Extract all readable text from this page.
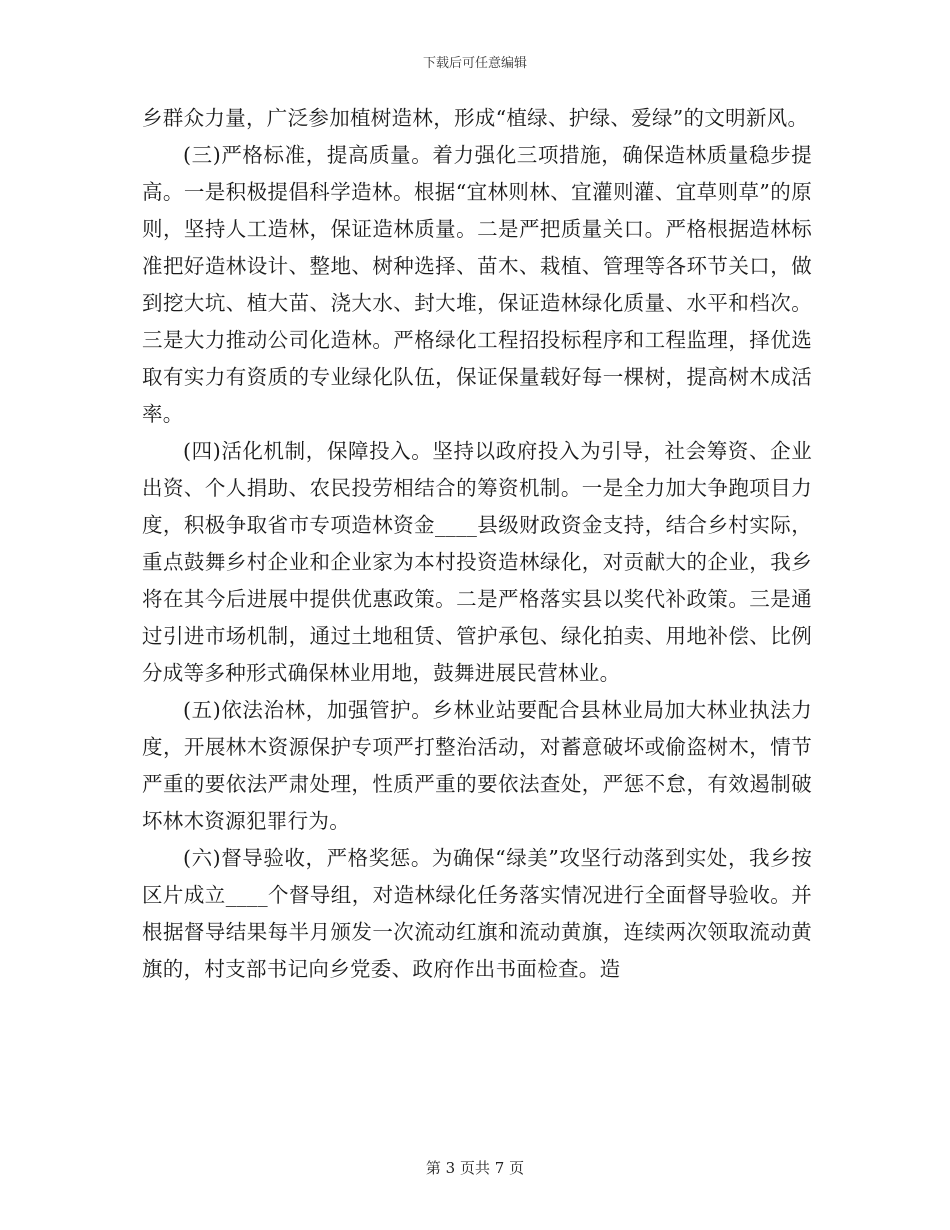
下载后可任意编辑

乡群众力量，广泛参加植树造林，形成“植绿、护绿、爱绿”的文明新风。

(三)严格标准，提高质量。着力强化三项措施，确保造林质量稳步提高。一是积极提倡科学造林。根据“宜林则林、宜灌则灌、宜草则草”的原则，坚持人工造林，保证造林质量。二是严把质量关口。严格根据造林标准把好造林设计、整地、树种选择、苗木、栽植、管理等各环节关口，做到挖大坑、植大苗、浇大水、封大堆，保证造林绿化质量、水平和档次。三是大力推动公司化造林。严格绿化工程招投标程序和工程监理，择优选取有实力有资质的专业绿化队伍，保证保量载好每一棵树，提高树木成活率。

(四)活化机制，保障投入。坚持以政府投入为引导，社会筹资、企业出资、个人捐助、农民投劳相结合的筹资机制。一是全力加大争跑项目力度，积极争取省市专项造林资金____县级财政资金支持，结合乡村实际，重点鼓舞乡村企业和企业家为本村投资造林绿化，对贡献大的企业，我乡将在其今后进展中提供优惠政策。二是严格落实县以奖代补政策。三是通过引进市场机制，通过土地租赁、管护承包、绿化拍卖、用地补偿、比例分成等多种形式确保林业用地，鼓舞进展民营林业。

(五)依法治林，加强管护。乡林业站要配合县林业局加大林业执法力度，开展林木资源保护专项严打整治活动，对蓄意破坏或偷盗树木，情节严重的要依法严肃处理，性质严重的要依法查处，严惩不怠，有效遏制破坏林木资源犯罪行为。

(六)督导验收，严格奖惩。为确保“绿美”攻坚行动落到实处，我乡按区片成立____个督导组，对造林绿化任务落实情况进行全面督导验收。并根据督导结果每半月颁发一次流动红旗和流动黄旗，连续两次领取流动黄旗的，村支部书记向乡党委、政府作出书面检查。造

第 3 页共 7 页
